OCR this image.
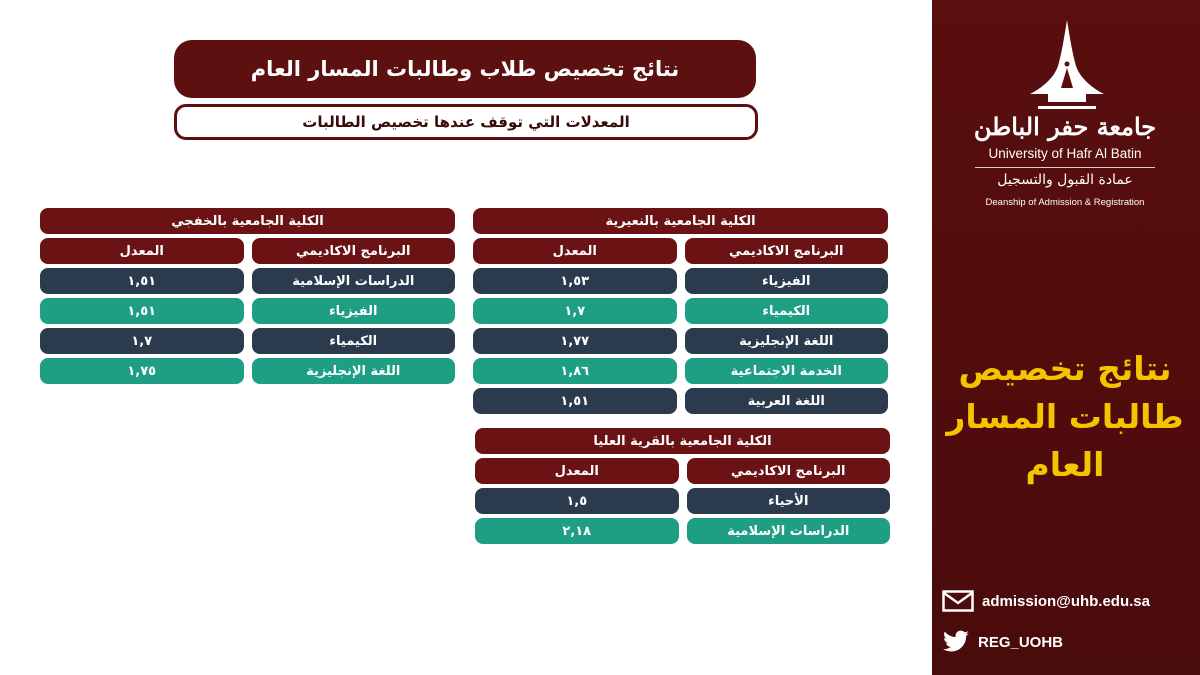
نتائج تخصيص طلاب وطالبات المسار العام
المعدلات التي توقف عندها تخصيص الطالبات
الكلية الجامعية بالنعيرية
البرنامج الاكاديمي
المعدل
الفيزياء
١,٥٣
الكيمياء
١,٧
اللغة الإنجليزية
١,٧٧
الخدمة الاجتماعية
١,٨٦
اللغة العربية
١,٥١
الكلية الجامعية بالخفجي
البرنامج الاكاديمي
المعدل
الدراسات الإسلامية
١,٥١
الفيزياء
١,٥١
الكيمياء
١,٧
اللغة الإنجليزية
١,٧٥
الكلية الجامعية بالقرية العليا
البرنامج الاكاديمي
المعدل
الأحياء
١,٥
الدراسات الإسلامية
٢,١٨
جامعة حفر الباطن
University of Hafr Al Batin
عمادة القبول والتسجيل
Deanship of Admission & Registration
نتائج تخصيص
طالبات المسار
العام
admission@uhb.edu.sa
REG_UOHB
